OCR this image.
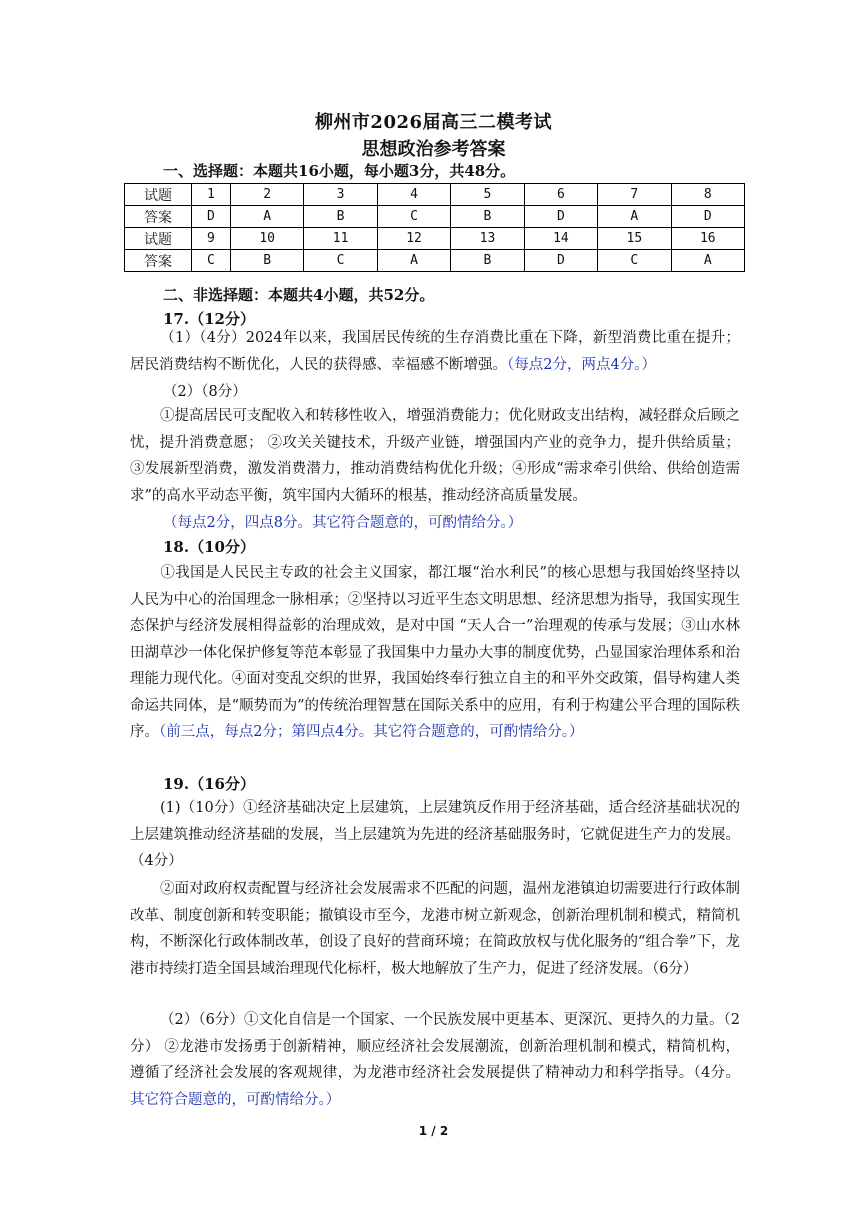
柳州市2026届高三二模考试
思想政治参考答案
一、选择题：本题共16小题，每小题3分，共48分。
试题	1	2	3	4	5	6	7	8
答案	D	A	B	C	B	D	A	D
试题	9	10	11	12	13	14	15	16
答案	C	B	C	A	B	D	C	A
二、非选择题：本题共4小题，共52分。
17.（12分）
（1）（4分）2024年以来，我国居民传统的生存消费比重在下降，新型消费比重在提升；居民消费结构不断优化，人民的获得感、幸福感不断增强。（每点2分，两点4分。）
（2）（8分）
①提高居民可支配收入和转移性收入，增强消费能力；优化财政支出结构，减轻群众后顾之忧，提升消费意愿； ②攻关关键技术，升级产业链，增强国内产业的竞争力，提升供给质量； ③发展新型消费，激发消费潜力，推动消费结构优化升级；④形成“需求牵引供给、供给创造需求”的高水平动态平衡，筑牢国内大循环的根基，推动经济高质量发展。
（每点2分，四点8分。其它符合题意的，可酌情给分。）
18.（10分）
①我国是人民民主专政的社会主义国家，都江堰“治水利民”的核心思想与我国始终坚持以人民为中心的治国理念一脉相承；②坚持以习近平生态文明思想、经济思想为指导，我国实现生态保护与经济发展相得益彰的治理成效，是对中国 “天人合一”治理观的传承与发展；③山水林田湖草沙一体化保护修复等范本彰显了我国集中力量办大事的制度优势，凸显国家治理体系和治理能力现代化。④面对变乱交织的世界，我国始终奉行独立自主的和平外交政策，倡导构建人类命运共同体，是“顺势而为”的传统治理智慧在国际关系中的应用，有利于构建公平合理的国际秩序。（前三点，每点2分；第四点4分。其它符合题意的，可酌情给分。）
19.（16分）
(1)（10分）①经济基础决定上层建筑，上层建筑反作用于经济基础，适合经济基础状况的上层建筑推动经济基础的发展，当上层建筑为先进的经济基础服务时，它就促进生产力的发展。（4分）
②面对政府权责配置与经济社会发展需求不匹配的问题，温州龙港镇迫切需要进行行政体制改革、制度创新和转变职能；撤镇设市至今，龙港市树立新观念，创新治理机制和模式，精简机构，不断深化行政体制改革，创设了良好的营商环境；在简政放权与优化服务的“组合拳”下，龙港市持续打造全国县域治理现代化标杆，极大地解放了生产力，促进了经济发展。（6分）
（2）（6分）①文化自信是一个国家、一个民族发展中更基本、更深沉、更持久的力量。（2分） ②龙港市发扬勇于创新精神，顺应经济社会发展潮流，创新治理机制和模式，精简机构，遵循了经济社会发展的客观规律，为龙港市经济社会发展提供了精神动力和科学指导。（4分。其它符合题意的，可酌情给分。）
1 / 2
